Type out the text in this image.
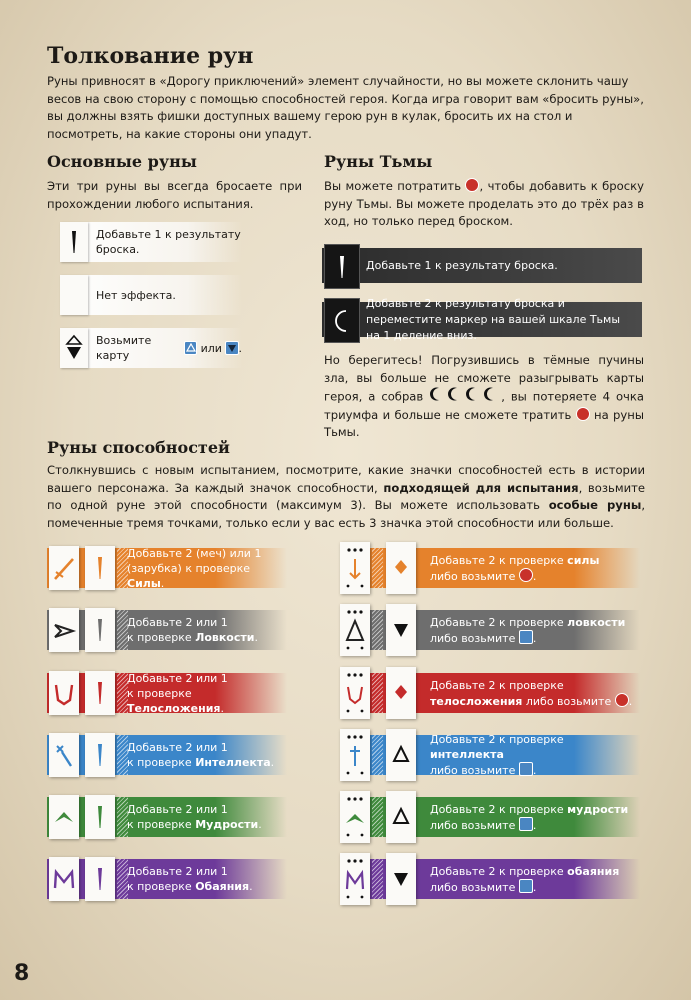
Толкование рун

Руны привносят в «Дорогу приключений» элемент случайности, но вы можете склонить чашу весов на свою сторону с помощью способностей героя. Когда игра говорит вам «бросить руны», вы должны взять фишки доступных вашему герою рун в кулак, бросить их на стол и посмотреть, на какие стороны они упадут.

Основные руны

Эти три руны вы всегда бросаете при прохождении любого испытания.

Добавьте 1 к результату броска.
Нет эффекта.
Возьмите карту

или
.
Руны Тьмы

Вы можете потратить , чтобы добавить к броску руну Тьмы. Вы можете проделать это до трёх раз в ход, но только перед броском.

Добавьте 1 к результату броска.
Добавьте 2 к результату броска и переместите маркер на вашей шкале Тьмы на 1 деление вниз.

Но берегитесь! Погрузившись в тёмные пучины зла, вы больше не сможете разыгрывать карты героя, а собрав	, вы потеряете 4 очка триумфа и больше не сможете тратить на руны Тьмы.

Руны способностей

Столкнувшись с новым испытанием, посмотрите, какие значки способностей есть в истории вашего персонажа. За каждый значок способности, подходящей для испытания, возьмите по одной руне этой способности (максимум 3). Вы можете использовать особые руны, помеченные тремя точками, только если у вас есть 3 значка этой способности или больше.

Добавьте 2 (меч) или 1
(зарубка) к проверке Силы.
Добавьте 2 к проверке силы
либо возьмите .
Добавьте 2 или 1
к проверке Ловкости.
Добавьте 2 к проверке ловкости
либо возьмите .
Добавьте 2 или 1
к проверке Телосложения.
Добавьте 2 к проверке
телосложения либо возьмите .
Добавьте 2 или 1
к проверке Интеллекта.
Добавьте 2 к проверке интеллекта
либо возьмите .
Добавьте 2 или 1
к проверке Мудрости.
Добавьте 2 к проверке мудрости
либо возьмите .
Добавьте 2 или 1
к проверке Обаяния.
Добавьте 2 к проверке обаяния
либо возьмите .
8
